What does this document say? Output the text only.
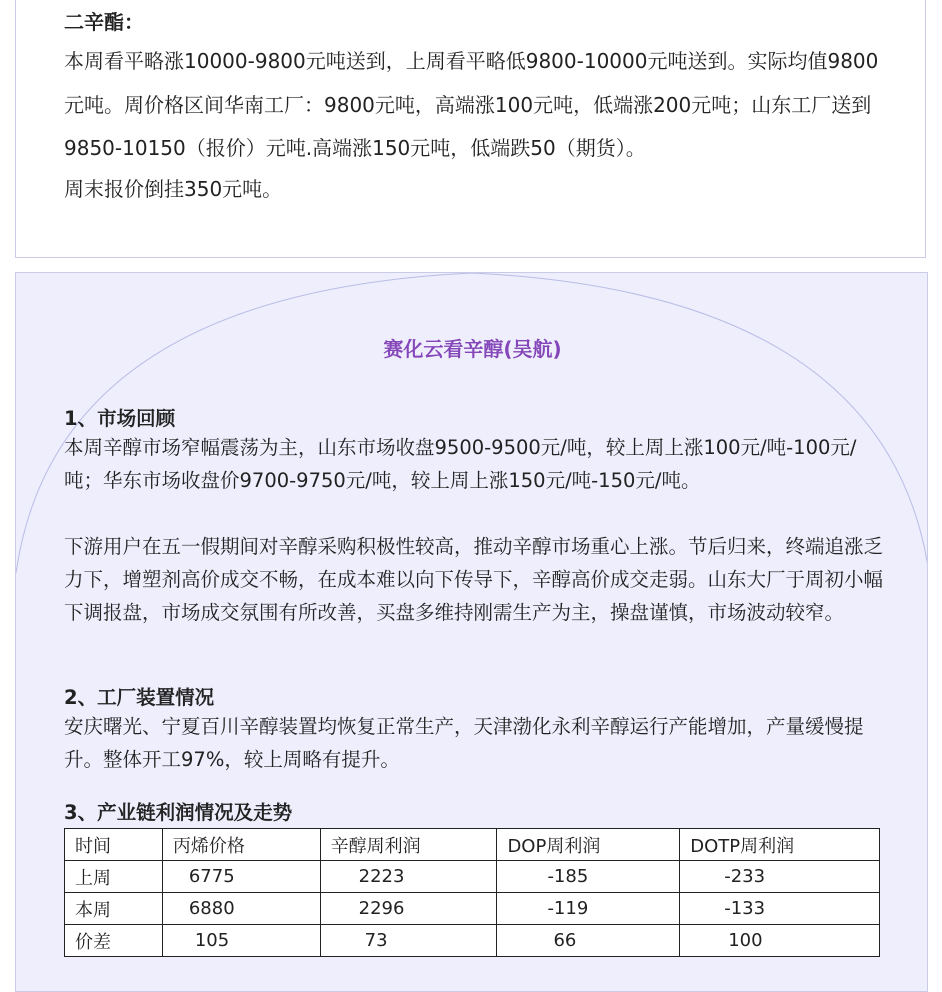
二辛酯：

本周看平略涨10000-9800元吨送到，上周看平略低9800-10000元吨送到。实际均值9800元吨。周价格区间华南工厂：9800元吨，高端涨100元吨，低端涨200元吨；山东工厂送到9850-10150（报价）元吨.高端涨150元吨，低端跌50（期货）。

周末报价倒挂350元吨。

赛化云看辛醇(吴航)

1、市场回顾

本周辛醇市场窄幅震荡为主，山东市场收盘9500-9500元/吨，较上周上涨100元/吨-100元/吨；华东市场收盘价9700-9750元/吨，较上周上涨150元/吨-150元/吨。

下游用户在五一假期间对辛醇采购积极性较高，推动辛醇市场重心上涨。节后归来，终端追涨乏力下，增塑剂高价成交不畅，在成本难以向下传导下，辛醇高价成交走弱。山东大厂于周初小幅下调报盘，市场成交氛围有所改善，买盘多维持刚需生产为主，操盘谨慎，市场波动较窄。

2、工厂装置情况

安庆曙光、宁夏百川辛醇装置均恢复正常生产，天津渤化永利辛醇运行产能增加，产量缓慢提升。整体开工97%，较上周略有提升。

3、产业链利润情况及走势

时间	丙烯价格	辛醇周利润	DOP周利润	DOTP周利润
上周	6775	2223	-185	-233
本周	6880	2296	-119	-133
价差	105	73	66	100
